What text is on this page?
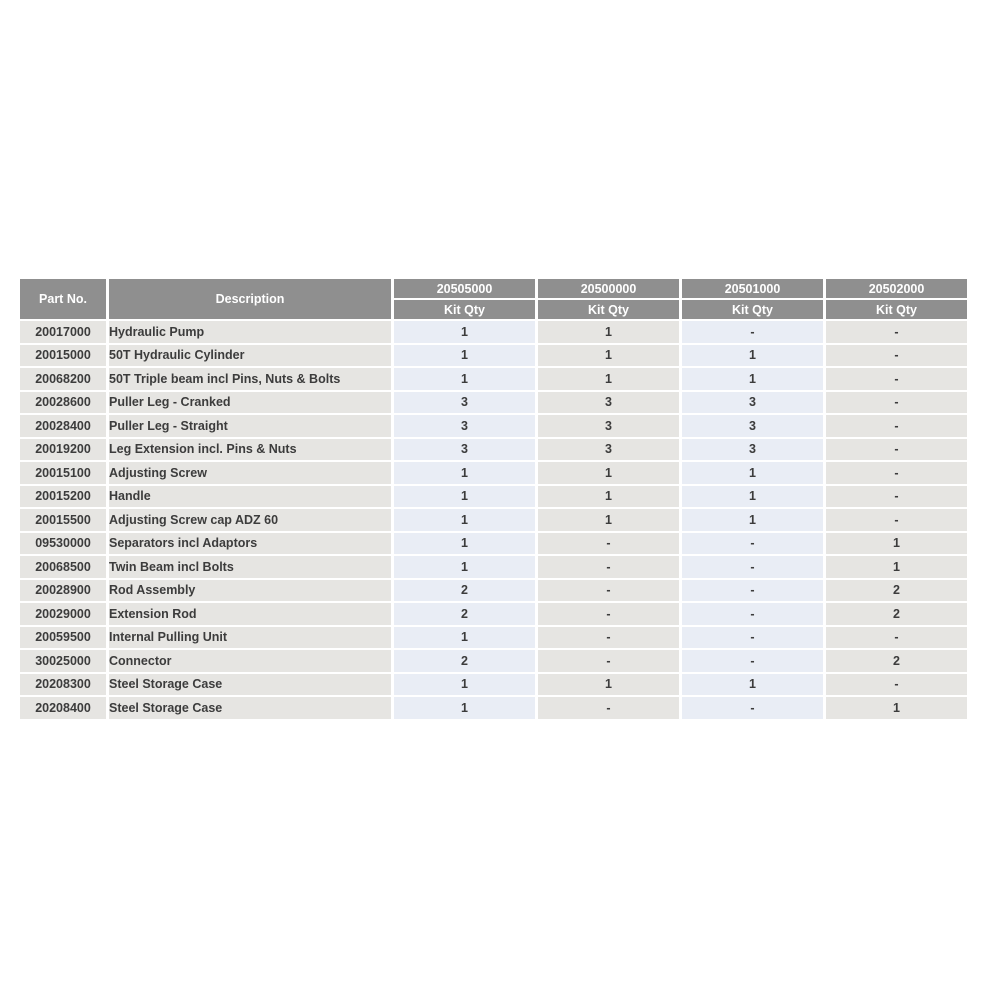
Part No.	Description	20505000	20500000	20501000	20502000
		Kit Qty	Kit Qty	Kit Qty	Kit Qty
20017000	Hydraulic Pump	1	1	-	-
20015000	50T Hydraulic Cylinder	1	1	1	-
20068200	50T Triple beam incl Pins, Nuts & Bolts	1	1	1	-
20028600	Puller Leg - Cranked	3	3	3	-
20028400	Puller Leg - Straight	3	3	3	-
20019200	Leg Extension incl. Pins & Nuts	3	3	3	-
20015100	Adjusting Screw	1	1	1	-
20015200	Handle	1	1	1	-
20015500	Adjusting Screw cap ADZ 60	1	1	1	-
09530000	Separators incl Adaptors	1	-	-	1
20068500	Twin Beam incl Bolts	1	-	-	1
20028900	Rod Assembly	2	-	-	2
20029000	Extension Rod	2	-	-	2
20059500	Internal Pulling Unit	1	-	-	-
30025000	Connector	2	-	-	2
20208300	Steel Storage Case	1	1	1	-
20208400	Steel Storage Case	1	-	-	1
